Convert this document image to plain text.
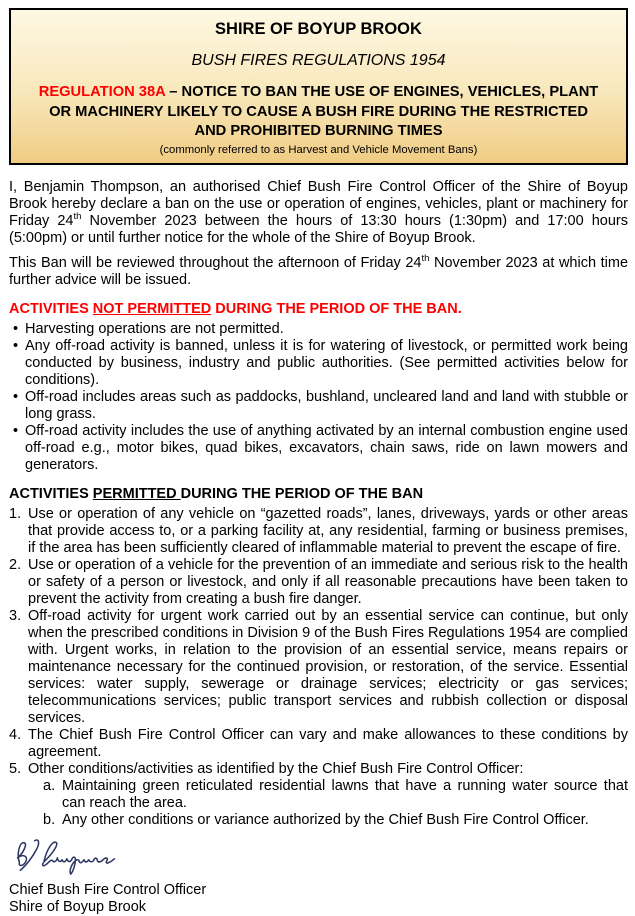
SHIRE OF BOYUP BROOK
BUSH FIRES REGULATIONS 1954
REGULATION 38A – NOTICE TO BAN THE USE OF ENGINES, VEHICLES, PLANT OR MACHINERY LIKELY TO CAUSE A BUSH FIRE DURING THE RESTRICTED AND PROHIBITED BURNING TIMES
(commonly referred to as Harvest and Vehicle Movement Bans)

I, Benjamin Thompson, an authorised Chief Bush Fire Control Officer of the Shire of Boyup Brook hereby declare a ban on the use or operation of engines, vehicles, plant or machinery for Friday 24th November 2023 between the hours of 13:30 hours (1:30pm) and 17:00 hours (5:00pm) or until further notice for the whole of the Shire of Boyup Brook.

This Ban will be reviewed throughout the afternoon of Friday 24th November 2023 at which time further advice will be issued.

ACTIVITIES NOT PERMITTED DURING THE PERIOD OF THE BAN.
• Harvesting operations are not permitted.
• Any off-road activity is banned, unless it is for watering of livestock, or permitted work being conducted by business, industry and public authorities. (See permitted activities below for conditions).
• Off-road includes areas such as paddocks, bushland, uncleared land and land with stubble or long grass.
• Off-road activity includes the use of anything activated by an internal combustion engine used off-road e.g., motor bikes, quad bikes, excavators, chain saws, ride on lawn mowers and generators.
ACTIVITIES PERMITTED DURING THE PERIOD OF THE BAN
1. Use or operation of any vehicle on “gazetted roads”, lanes, driveways, yards or other areas that provide access to, or a parking facility at, any residential, farming or business premises, if the area has been sufficiently cleared of inflammable material to prevent the escape of fire.
2. Use or operation of a vehicle for the prevention of an immediate and serious risk to the health or safety of a person or livestock, and only if all reasonable precautions have been taken to prevent the activity from creating a bush fire danger.
3. Off-road activity for urgent work carried out by an essential service can continue, but only when the prescribed conditions in Division 9 of the Bush Fires Regulations 1954 are complied with. Urgent works, in relation to the provision of an essential service, means repairs or maintenance necessary for the continued provision, or restoration, of the service. Essential services: water supply, sewerage or drainage services; electricity or gas services; telecommunications services; public transport services and rubbish collection or disposal services.
4. The Chief Bush Fire Control Officer can vary and make allowances to these conditions by agreement.
5. Other conditions/activities as identified by the Chief Bush Fire Control Officer:
a. Maintaining green reticulated residential lawns that have a running water source that can reach the area.
b. Any other conditions or variance authorized by the Chief Bush Fire Control Officer.
Chief Bush Fire Control Officer
Shire of Boyup Brook
